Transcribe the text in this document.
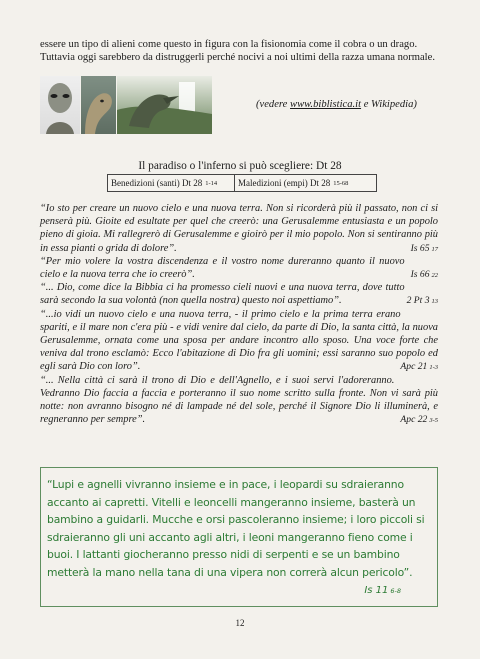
essere un tipo di alieni come questo in figura con la fisionomia come il cobra o un drago. Tuttavia oggi sarebbero da distruggerli perché nocivi a noi ultimi della razza umana normale.

(vedere www.biblistica.it e Wikipedia)

Il paradiso o l'inferno si può scegliere: Dt 28

Benedizioni (santi) Dt 28 1-14 Maledizioni (empi) Dt 28 15-68

“Io sto per creare un nuovo cielo e una nuova terra. Non si ricorderà più il passato, non ci si penserà più. Gioite ed esultate per quel che creerò: una Gerusalemme entusiasta e un popolo pieno di gioia. Mi rallegrerò di Gerusalemme e gioirò per il mio popolo. Non si sentiranno più in essa pianti o grida di dolore”.	Is 65 17

“Per mio volere la vostra discendenza e il vostro nome dureranno quanto il nuovo cielo e la nuova terra che io creerò”.	Is 66 22

“... Dio, come dice la Bibbia ci ha promesso cieli nuovi e una nuova terra, dove tutto sarà secondo la sua volontà (non quella nostra) questo noi aspettiamo”.	2 Pt 3 13

“...io vidi un nuovo cielo e una nuova terra, - il primo cielo e la prima terra erano spariti, e il mare non c'era più - e vidi venire dal cielo, da parte di Dio, la santa città, la nuova Gerusalemme, ornata come una sposa per andare incontro allo sposo. Una voce forte che veniva dal trono esclamò: Ecco l'abitazione di Dio fra gli uomini; essi saranno suo popolo ed egli sarà Dio con loro”.	Apc 21 1-3

“... Nella città ci sarà il trono di Dio e dell'Agnello, e i suoi servi l'adoreranno. Vedranno Dio faccia a faccia e porteranno il suo nome scritto sulla fronte. Non vi sarà più notte: non avranno bisogno né di lampade né del sole, perché il Signore Dio li illuminerà, e regneranno per sempre”.	Apc 22 3-5

“Lupi e agnelli vivranno insieme e in pace, i leopardi su sdraieranno accanto ai capretti. Vitelli e leoncelli mangeranno insieme, basterà un bambino a guidarli. Mucche e orsi pascoleranno insieme; i loro piccoli si sdraieranno gli uni accanto agli altri, i leoni mangeranno fieno come i buoi. I lattanti giocheranno presso nidi di serpenti e se un bambino metterà la mano nella tana di una vipera non correrà alcun pericolo”.

Is 11 6-8

12
